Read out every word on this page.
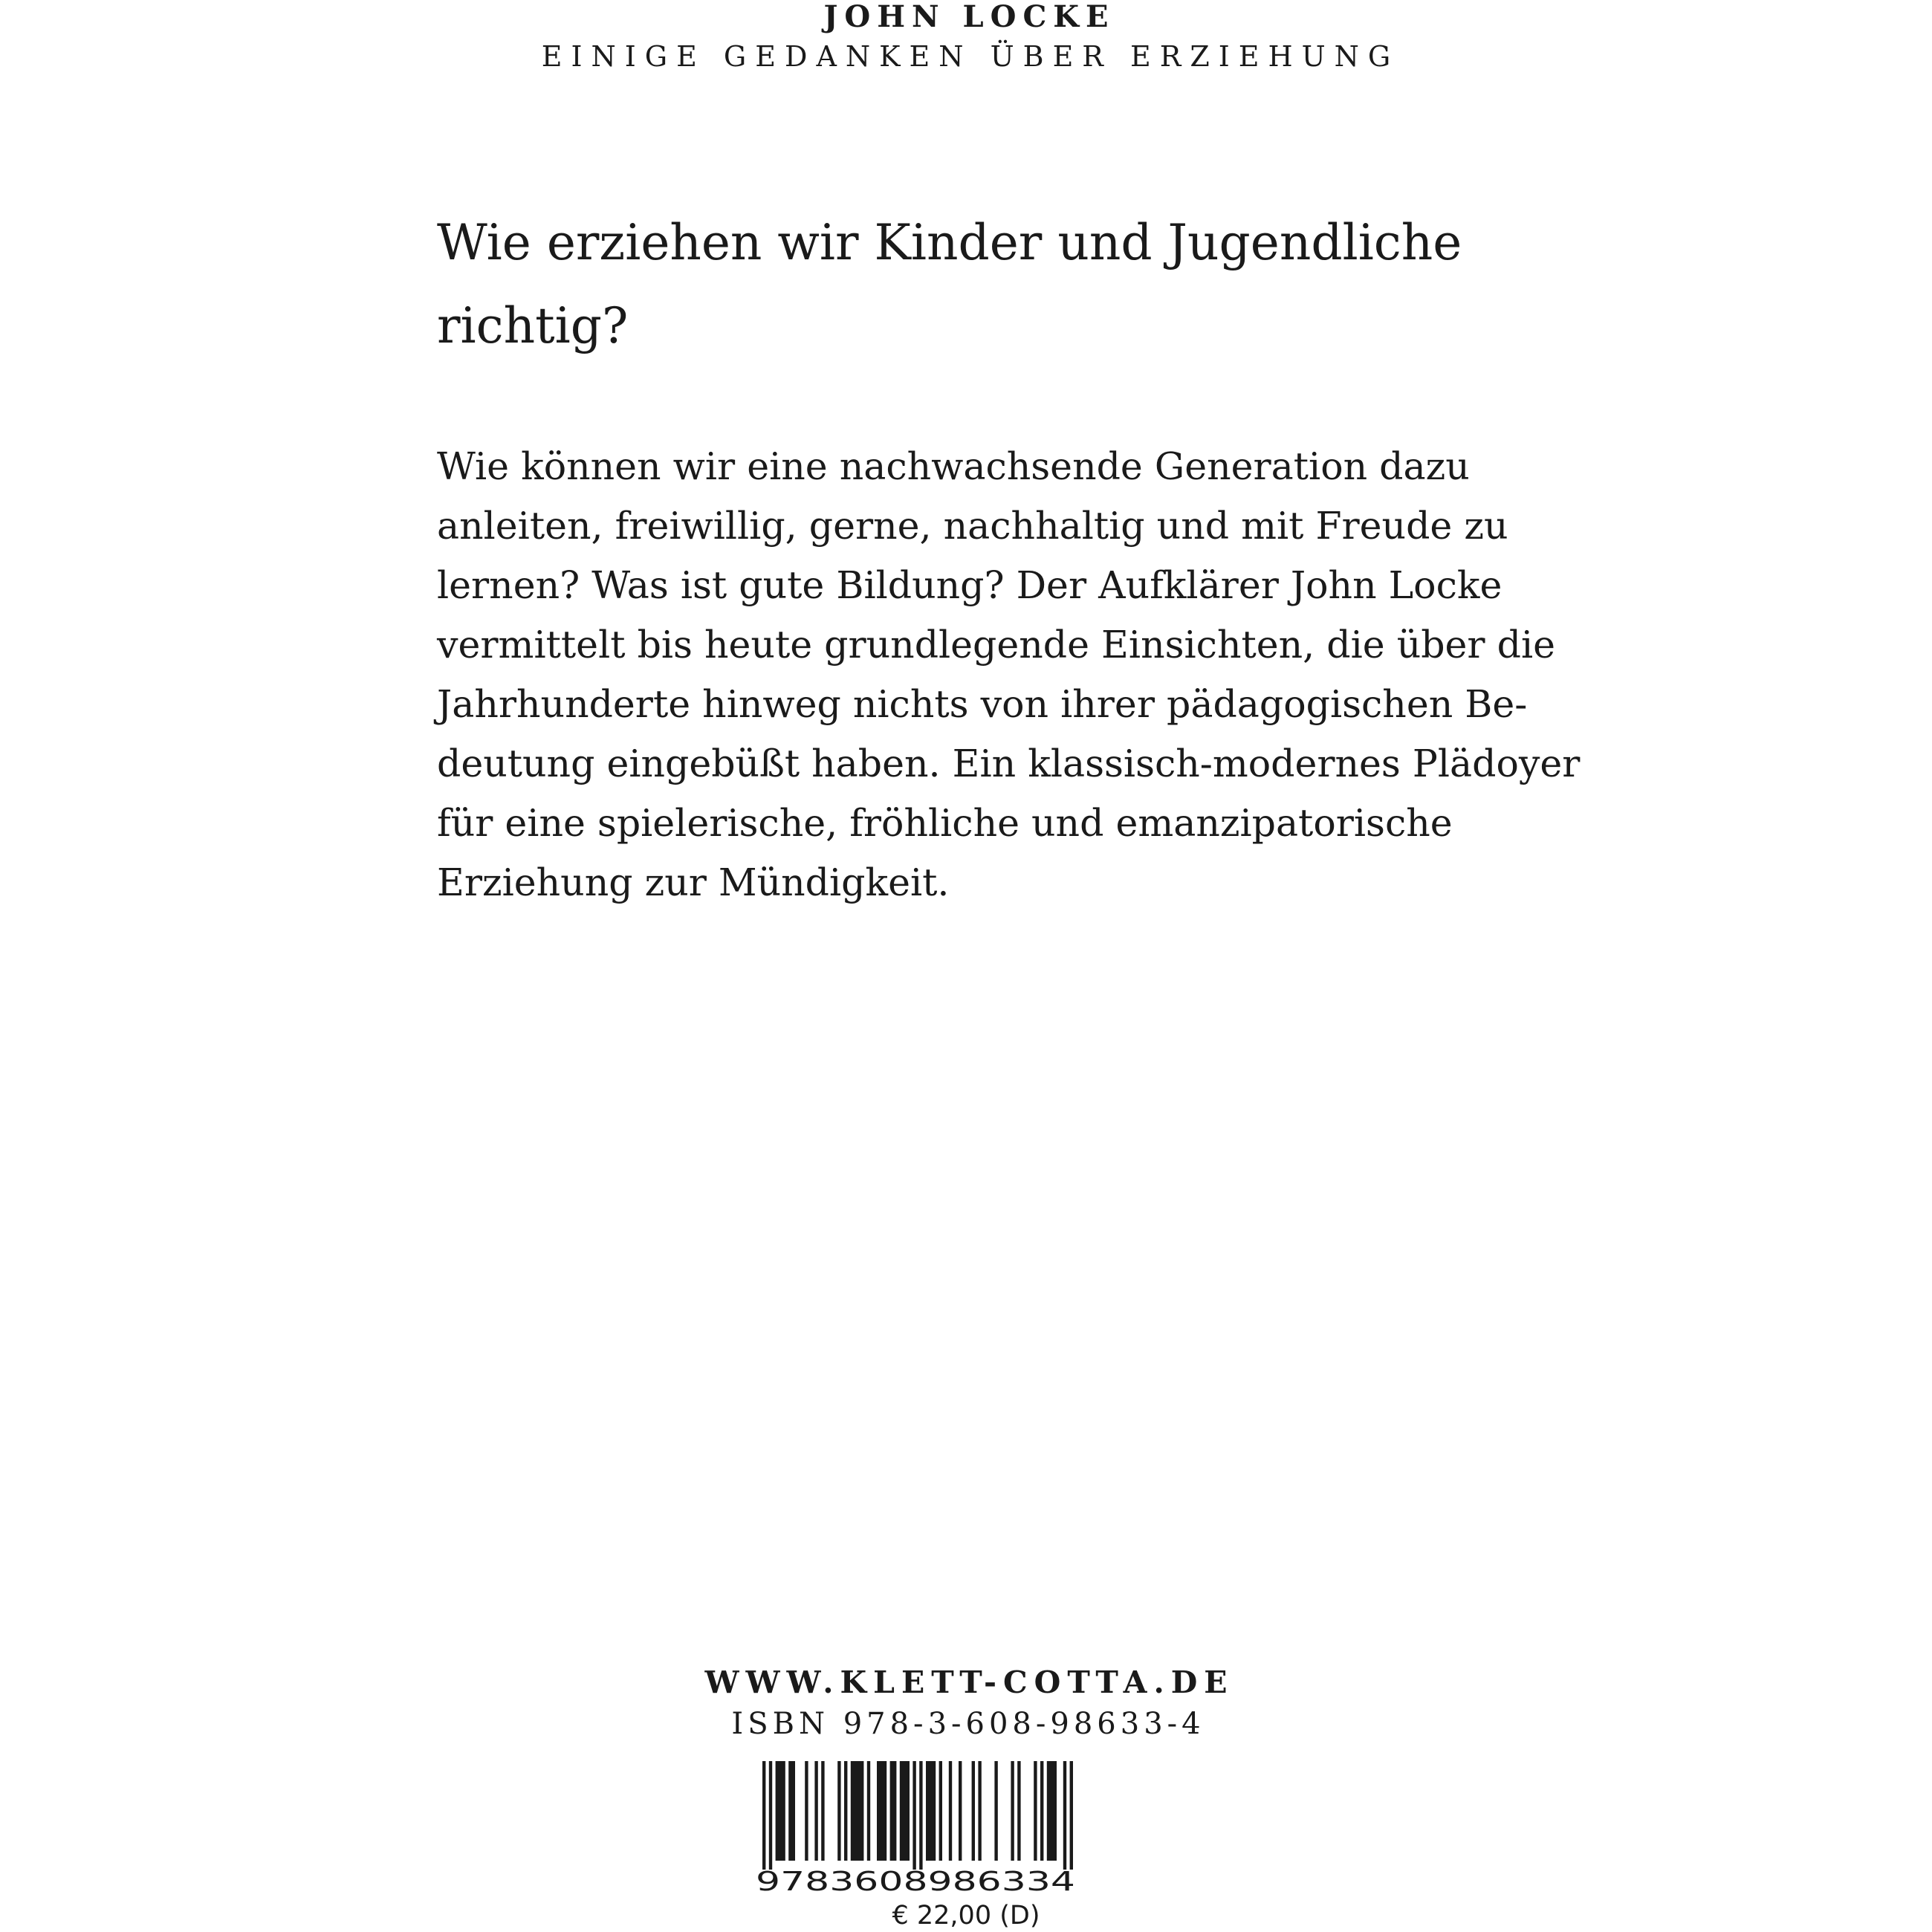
JOHN LOCKE
EINIGE GEDANKEN ÜBER ERZIEHUNG
Wie erziehen wir Kinder und Jugendliche
richtig?

Wie können wir eine nachwachsende Generation dazu
anleiten, freiwillig, gerne, nachhaltig und mit Freude zu
lernen? Was ist gute Bildung? Der Aufklärer John Locke
vermittelt bis heute grundlegende Einsichten, die über die
Jahrhunderte hinweg nichts von ihrer pädagogischen Be-
deutung eingebüßt haben. Ein klassisch-modernes Plädoyer
für eine spielerische, fröhliche und emanzipatorische
Erziehung zur Mündigkeit.

WWW.KLETT-COTTA.DE
ISBN 978-3-608-98633-4
9783608986334
€ 22,00 (D)
